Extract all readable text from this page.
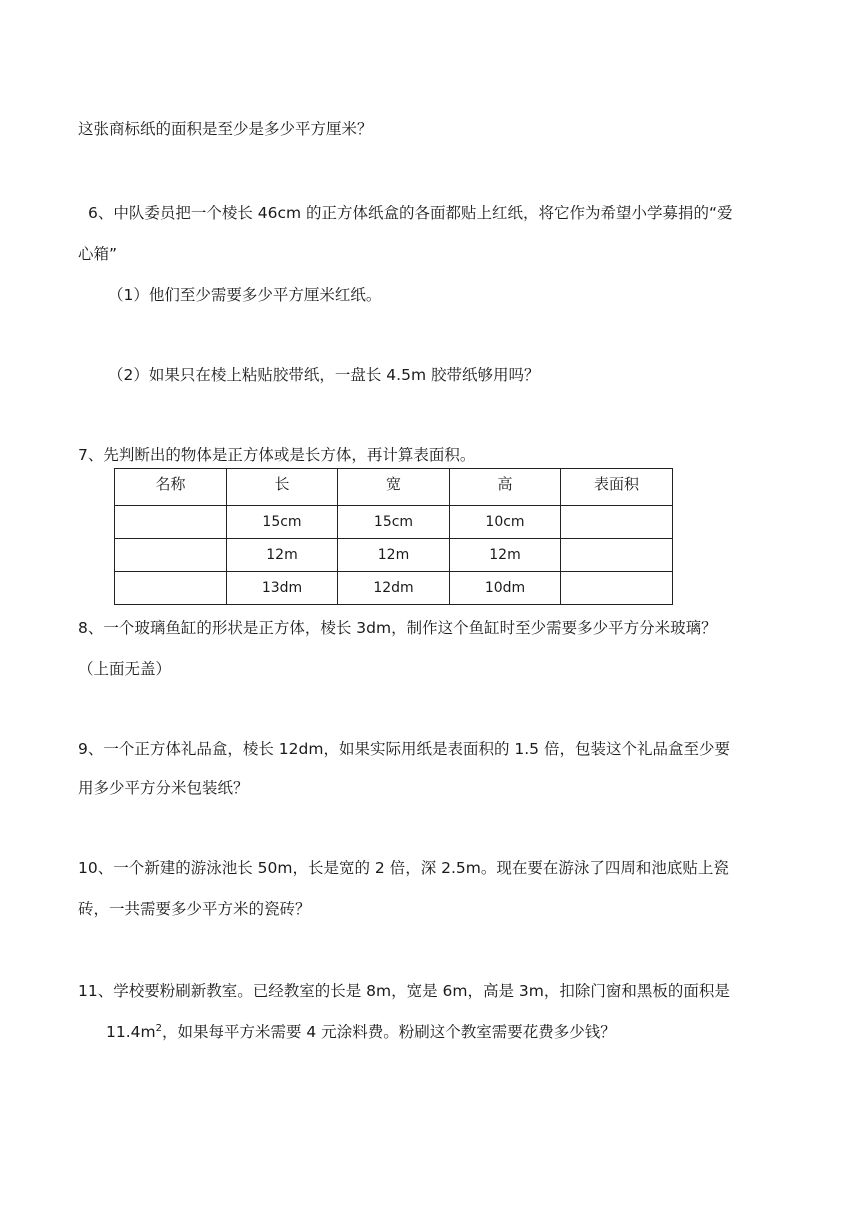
这张商标纸的面积是至少是多少平方厘米？
6、中队委员把一个棱长 46cm 的正方体纸盒的各面都贴上红纸，将它作为希望小学募捐的“爱
心箱”
（1）他们至少需要多少平方厘米红纸。
（2）如果只在棱上粘贴胶带纸，一盘长 4.5m 胶带纸够用吗？
7、先判断出的物体是正方体或是长方体，再计算表面积。
名称	长	宽	高	表面积
	15cm	15cm	10cm	
	12m	12m	12m	
	13dm	12dm	10dm	
8、一个玻璃鱼缸的形状是正方体，棱长 3dm，制作这个鱼缸时至少需要多少平方分米玻璃？
（上面无盖）
9、一个正方体礼品盒，棱长 12dm，如果实际用纸是表面积的 1.5 倍，包装这个礼品盒至少要
用多少平方分米包装纸？
10、一个新建的游泳池长 50m，长是宽的 2 倍，深 2.5m。现在要在游泳了四周和池底贴上瓷
砖，一共需要多少平方米的瓷砖？
11、学校要粉刷新教室。已经教室的长是 8m，宽是 6m，高是 3m，扣除门窗和黑板的面积是
$11.4m^2$，如果每平方米需要 4 元涂料费。粉刷这个教室需要花费多少钱？
